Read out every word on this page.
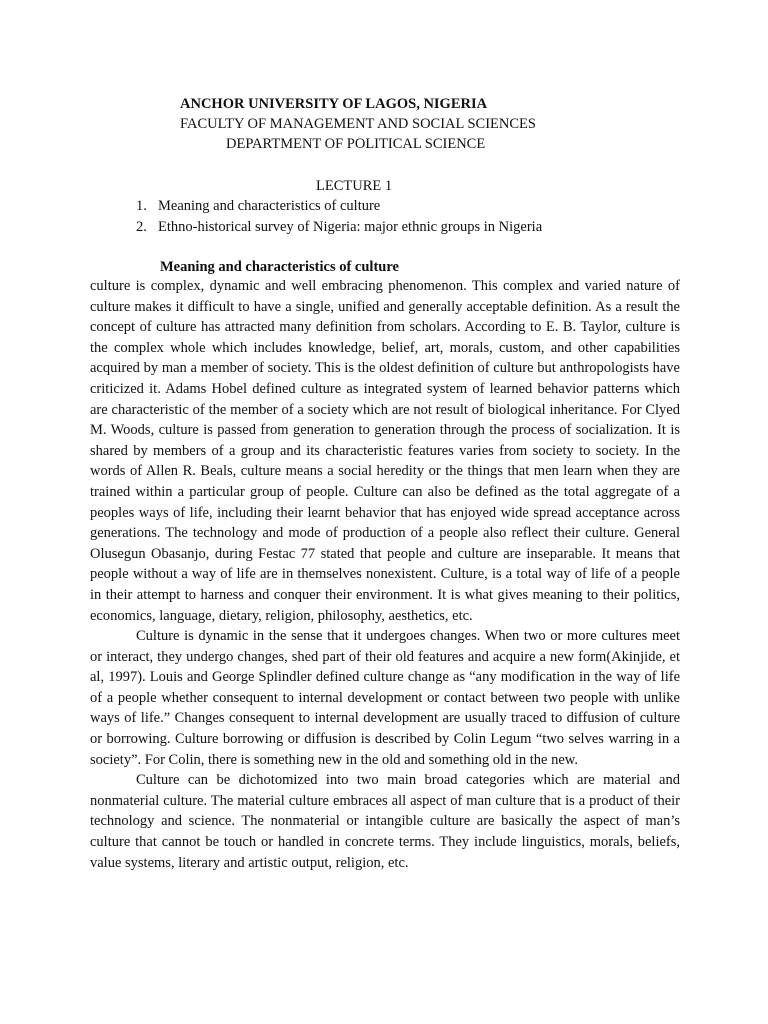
ANCHOR UNIVERSITY OF LAGOS, NIGERIA
FACULTY OF MANAGEMENT AND SOCIAL SCIENCES
DEPARTMENT OF POLITICAL SCIENCE
LECTURE 1
1. Meaning and characteristics of culture
2. Ethno-historical survey of Nigeria: major ethnic groups in Nigeria
Meaning and characteristics of culture

culture is complex, dynamic and well embracing phenomenon. This complex and varied nature of culture makes it difficult to have a single, unified and generally acceptable definition. As a result the concept of culture has attracted many definition from scholars. According to E. B. Taylor, culture is the complex whole which includes knowledge, belief, art, morals, custom, and other capabilities acquired by man a member of society. This is the oldest definition of culture but anthropologists have criticized it. Adams Hobel defined culture as integrated system of learned behavior patterns which are characteristic of the member of a society which are not result of biological inheritance. For Clyed M. Woods, culture is passed from generation to generation through the process of socialization. It is shared by members of a group and its characteristic features varies from society to society. In the words of Allen R. Beals, culture means a social heredity or the things that men learn when they are trained within a particular group of people. Culture can also be defined as the total aggregate of a peoples ways of life, including their learnt behavior that has enjoyed wide spread acceptance across generations. The technology and mode of production of a people also reflect their culture. General Olusegun Obasanjo, during Festac 77 stated that people and culture are inseparable. It means that people without a way of life are in themselves nonexistent. Culture, is a total way of life of a people in their attempt to harness and conquer their environment. It is what gives meaning to their politics, economics, language, dietary, religion, philosophy, aesthetics, etc.

Culture is dynamic in the sense that it undergoes changes. When two or more cultures meet or interact, they undergo changes, shed part of their old features and acquire a new form(Akinjide, et al, 1997). Louis and George Splindler defined culture change as “any modification in the way of life of a people whether consequent to internal development or contact between two people with unlike ways of life.” Changes consequent to internal development are usually traced to diffusion of culture or borrowing. Culture borrowing or diffusion is described by Colin Legum “two selves warring in a society”. For Colin, there is something new in the old and something old in the new.

Culture can be dichotomized into two main broad categories which are material and nonmaterial culture. The material culture embraces all aspect of man culture that is a product of their technology and science. The nonmaterial or intangible culture are basically the aspect of man’s culture that cannot be touch or handled in concrete terms. They include linguistics, morals, beliefs, value systems, literary and artistic output, religion, etc.
